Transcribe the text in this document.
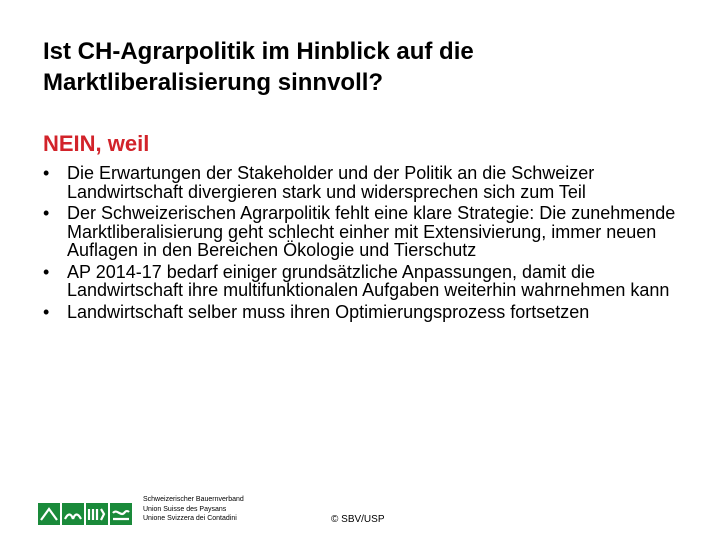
Ist CH-Agrarpolitik im Hinblick auf die Marktliberalisierung sinnvoll?
NEIN, weil
• Die Erwartungen der Stakeholder und der Politik an die Schweizer Landwirtschaft divergieren stark und widersprechen sich zum Teil
• Der Schweizerischen Agrarpolitik fehlt eine klare Strategie: Die zunehmende Marktliberalisierung geht schlecht einher mit Extensivierung, immer neuen Auflagen in den Bereichen Ökologie und Tierschutz
• AP 2014-17 bedarf einiger grundsätzliche Anpassungen, damit die Landwirtschaft ihre multifunktionalen Aufgaben weiterhin wahrnehmen kann
• Landwirtschaft selber muss ihren Optimierungsprozess fortsetzen
Schweizerischer Bauernverband
Union Suisse des Paysans
Unione Svizzera dei Contadini	© SBV/USP
